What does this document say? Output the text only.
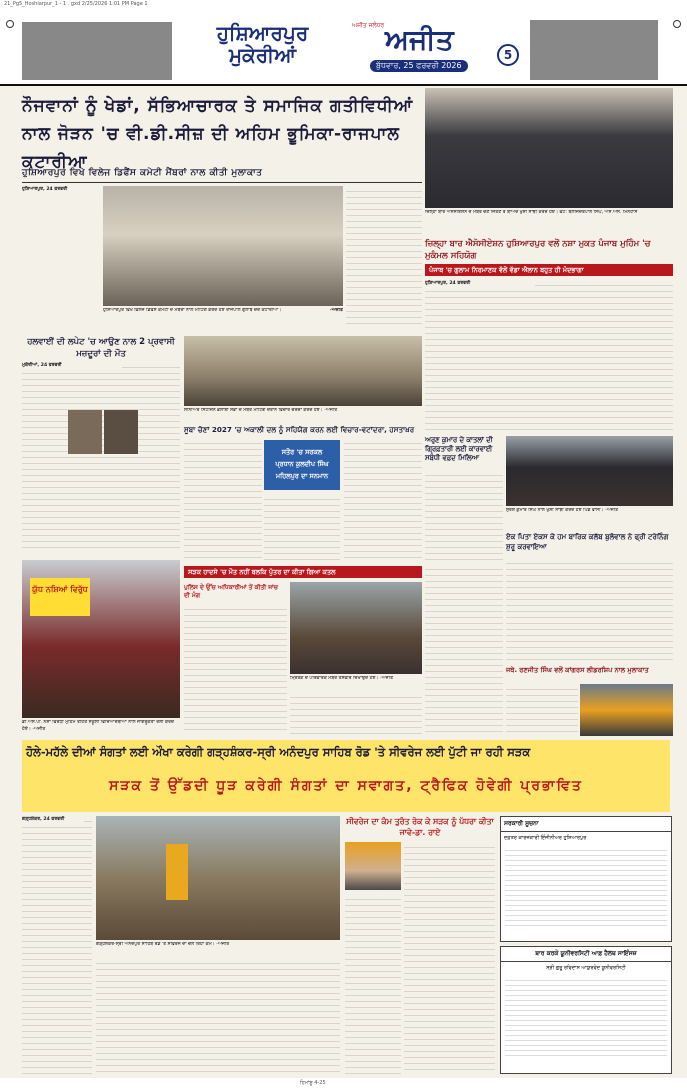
21_Pg5_Hoshiarpur_1 - 1 . gxd 2/25/2026 1:01 PM Page 1
ਹੁਸ਼ਿਆਰਪੁਰ
ਮੁਕੇਰੀਆਂ
ਅਜੀਤ ਜਲੰਧਰ ਅਜੀਤ
ਬੁੱਧਵਾਰ, 25 ਫਰਵਰੀ 2026
5
ਨੌਜਵਾਨਾਂ ਨੂੰ ਖੇਡਾਂ, ਸੱਭਿਆਚਾਰਕ ਤੇ ਸਮਾਜਿਕ ਗਤੀਵਿਧੀਆਂ ਨਾਲ ਜੋੜਨ 'ਚ ਵੀ.ਡੀ.ਸੀਜ਼ ਦੀ ਅਹਿਮ ਭੂਮਿਕਾ-ਰਾਜਪਾਲ ਕਟਾਰੀਆ
ਹੁਸ਼ਿਆਰਪੁਰ ਵਿਖੇ ਵਿਲੇਜ ਡਿਫੈਂਸ ਕਮੇਟੀ ਮੈਂਬਰਾਂ ਨਾਲ ਕੀਤੀ ਮੁਲਾਕਾਤ
ਹੁਸ਼ਿਆਰਪੁਰ, 24 ਫਰਵਰੀ
ਹੁਸ਼ਿਆਰਪੁਰ ਵਿਖੇ ਵਿਲੇਜ ਡਿਫੈਂਸ ਕਮੇਟੀ ਦੇ ਮੈਂਬਰਾਂ ਨਾਲ ਮੀਟਿੰਗ ਕਰਦੇ ਹੋਏ ਰਾਜਪਾਲ ਗੁਲਾਬ ਚੰਦ ਕਟਾਰੀਆ।	-ਅਜੀਤ
ਜ਼ਿਲ੍ਹਾ ਬਾਰ ਐਸੋਸੀਏਸ਼ਨ ਦੇ ਮੈਂਬਰ ਚੋਣ ਜਿੱਤਣ ਤੋਂ ਬਾਅਦ ਖੁਸ਼ੀ ਸਾਂਝੀ ਕਰਦੇ ਹੋਏ। ਫੋਟੋ: ਬਲਜਿੰਦਰਪਾਲ ਸਿੰਘ, ਐਸ.ਐਸ. ਮਿਨਹਾਸ
ਜ਼ਿਲ੍ਹਾ ਬਾਰ ਐਸੋਸੀਏਸ਼ਨ ਹੁਸ਼ਿਆਰਪੁਰ ਵਲੋਂ ਨਸ਼ਾ ਮੁਕਤ ਪੰਜਾਬ ਮੁਹਿੰਮ 'ਚ ਮੁਕੰਮਲ ਸਹਿਯੋਗ
ਪੰਜਾਬ 'ਚ ਗੁਲਾਮ ਨਿਰਮਾਣਕ ਵੱਲੋਂ ਵੱਡਾ ਐਲਾਨ ਬਹੁਤ ਹੀ ਮੰਦਭਾਗਾ
ਹੁਸ਼ਿਆਰਪੁਰ, 24 ਫਰਵਰੀ
ਹਲਵਾਈਂ ਦੀ ਲਪੇਟ 'ਚ ਆਉਣ ਨਾਲ 2 ਪ੍ਰਵਾਸੀ ਮਜ਼ਦੂਰਾਂ ਦੀ ਮੌਤ
ਮੁਕੇਰੀਆਂ, 24 ਫਰਵਰੀ
ਸੀਨੀਅਰ ਸਿਟੀਜ਼ਨ ਭਲਾਈ ਸਭਾ ਦੇ ਮੈਂਬਰ ਮੀਟਿੰਗ ਦੌਰਾਨ ਵਿਚਾਰ ਚਰਚਾ ਕਰਦੇ ਹੋਏ। -ਅਜੀਤ
ਸੂਬਾ ਚੋਣਾਂ 2027 'ਚ ਅਕਾਲੀ ਦਲ ਨੂੰ ਸਹਿਯੋਗ ਕਰਨ ਲਈ ਵਿਚਾਰ-ਵਟਾਂਦਰਾ, ਹਸਤਾਖ਼ਰ
ਸਤੌਰ 'ਚ ਸਰਕਲ
ਪ੍ਰਧਾਨ ਕੁਲਦੀਪ ਸਿੰਘ
ਮਹਿਲਪੁਰ ਦਾ ਸਨਮਾਨ
ਅਰੁਣ ਕੁਮਾਰ ਦੇ ਕਾਤਲਾਂ ਦੀ ਗ੍ਰਿਫ਼ਤਾਰੀ ਲਈ ਕਾਰਵਾਈ ਸਬੰਧੀ ਵਫ਼ਦ ਮਿਲਿਆ
ਸੁਰੇਸ਼ ਕੁਮਾਰ ਸਿੰਘ ਨਾਲ ਖੁਸ਼ੀ ਸਾਂਝੀ ਕਰਦੇ ਹੋਏ ਪਿੰਡ ਵਾਸੀ। -ਅਜੀਤ
ਏਕ ਪਿਤਾ ਏਕਸ ਕੇ ਹਮ ਬਾਰਿਕ ਕਲੱਬ ਬੁਲੋਵਾਲ ਨੇ ਫ੍ਰੀ ਟਰੇਨਿੰਗ ਸ਼ੁਰੂ ਕਰਵਾਇਆ
ਯੁੱਧ ਨਸ਼ਿਆਂ ਵਿਰੁੱਧ
ਡੀ.ਐਸ.ਪੀ. ਨਸ਼ਾ ਵਿਰੋਧੀ ਮੁਹਿੰਮ ਤਹਿਤ ਸਕੂਲੀ ਵਿਦਿਆਰਥੀਆਂ ਨਾਲ ਜਾਗਰੂਕਤਾ ਰੈਲੀ ਕਰਦੇ ਹੋਏ। -ਅਜੀਤ
ਸੜਕ ਹਾਦਸੇ 'ਚ ਮੌਤ ਨਹੀਂ ਬਲਕਿ ਪੁੱਤਰ ਦਾ ਕੀਤਾ ਗਿਆ ਕਤਲ
ਪੁਲਿਸ ਦੇ ਉੱਚ ਅਧਿਕਾਰੀਆਂ ਤੋਂ ਕੀਤੀ ਜਾਂਚ ਦੀ ਮੰਗ
ਮ੍ਰਿਤਕ ਦੇ ਪਰਿਵਾਰਕ ਮੈਂਬਰ ਤਸਵੀਰ ਦਿਖਾਉਂਦੇ ਹੋਏ। -ਅਜੀਤ
ਜਥੇ. ਰਣਜੀਤ ਸਿੰਘ ਵਲੋਂ ਕਾਂਗਰਸ ਲੀਡਰਸ਼ਿਪ ਨਾਲ ਮੁਲਾਕਾਤ
ਹੋਲੇ-ਮਹੱਲੇ ਦੀਆਂ ਸੰਗਤਾਂ ਲਈ ਔਖਾ ਕਰੇਗੀ ਗੜ੍ਹਸ਼ੰਕਰ-ਸ੍ਰੀ ਅਨੰਦਪੁਰ ਸਾਹਿਬ ਰੋਡ 'ਤੇ ਸੀਵਰੇਜ ਲਈ ਪੁੱਟੀ ਜਾ ਰਹੀ ਸੜਕ
ਸੜਕ ਤੋਂ ਉੱਡਦੀ ਧੂੜ ਕਰੇਗੀ ਸੰਗਤਾਂ ਦਾ ਸਵਾਗਤ, ਟ੍ਰੈਫਿਕ ਹੋਵੇਗੀ ਪ੍ਰਭਾਵਿਤ
ਗੜ੍ਹਸ਼ੰਕਰ, 24 ਫਰਵਰੀ
ਗੜ੍ਹਸ਼ੰਕਰ-ਸ੍ਰੀ ਅਨੰਦਪੁਰ ਸਾਹਿਬ ਰੋਡ 'ਤੇ ਸੀਵਰੇਜ ਦਾ ਚੱਲ ਰਿਹਾ ਕੰਮ। -ਅਜੀਤ
ਸੀਵਰੇਜ ਦਾ ਕੰਮ ਤੁਰੰਤ ਰੋਕ ਕੇ ਸੜਕ ਨੂੰ ਪੱਧਰਾ ਕੀਤਾ ਜਾਵੇ-ਡਾ. ਰਾਏ
ਸਰਕਾਰੀ ਸੂਚਨਾ
ਦਫ਼ਤਰ ਕਾਰਜਕਾਰੀ ਇੰਜੀਨੀਅਰ ਹੁਸ਼ਿਆਰਪੁਰ
ਬਾਰ ਕਰਕੇ ਯੂਨੀਵਰਸਿਟੀ ਆਫ਼ ਹੈਲਥ ਸਾਇੰਸਜ਼
ਸ੍ਰੀ ਗੁਰੂ ਰਵਿਦਾਸ ਆਯੁਰਵੇਦ ਯੂਨੀਵਰਸਿਟੀ
ਹਿਮਾਂਸ਼ੂ 4-25
